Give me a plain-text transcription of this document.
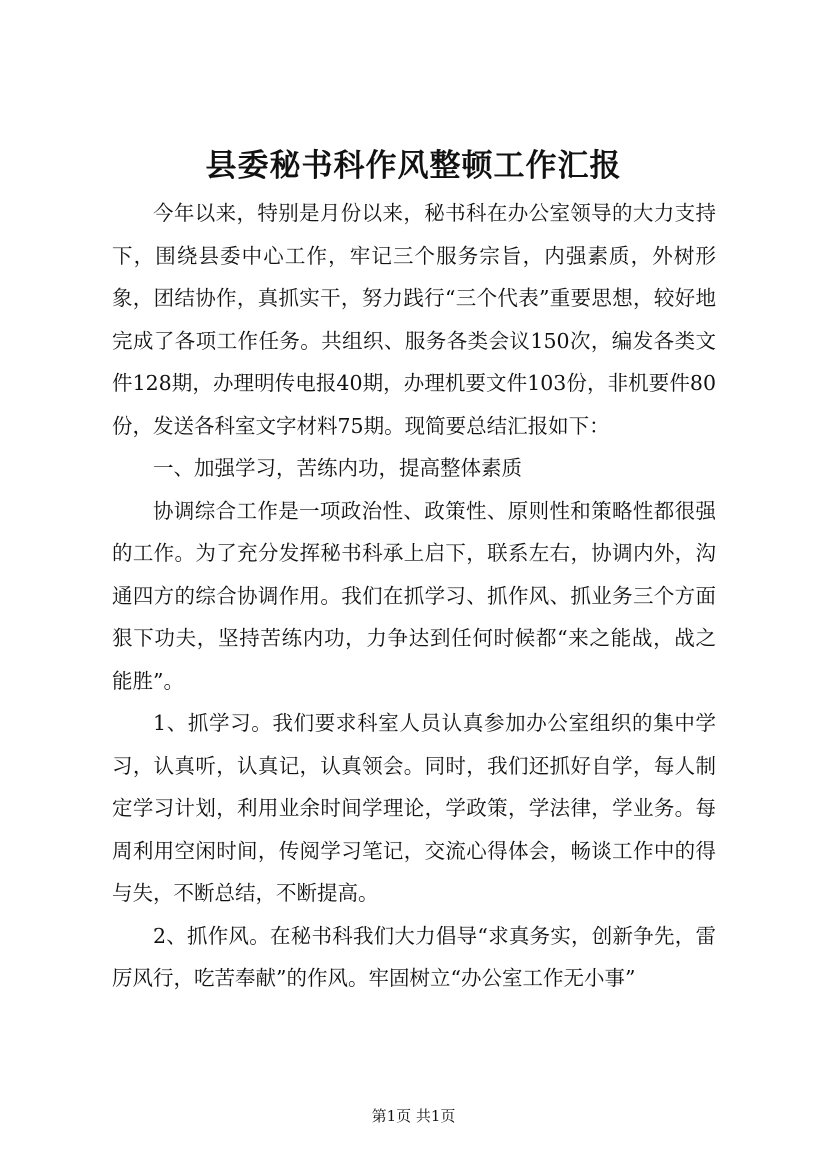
县委秘书科作风整顿工作汇报

今年以来，特别是月份以来，秘书科在办公室领导的大力支持下，围绕县委中心工作，牢记三个服务宗旨，内强素质，外树形象，团结协作，真抓实干，努力践行“三个代表”重要思想，较好地完成了各项工作任务。共组织、服务各类会议150次，编发各类文件128期，办理明传电报40期，办理机要文件103份，非机要件80份，发送各科室文字材料75期。现简要总结汇报如下：

一、加强学习，苦练内功，提高整体素质

协调综合工作是一项政治性、政策性、原则性和策略性都很强的工作。为了充分发挥秘书科承上启下，联系左右，协调内外，沟通四方的综合协调作用。我们在抓学习、抓作风、抓业务三个方面狠下功夫，坚持苦练内功，力争达到任何时候都“来之能战，战之能胜”。

1、抓学习。我们要求科室人员认真参加办公室组织的集中学习，认真听，认真记，认真领会。同时，我们还抓好自学，每人制定学习计划，利用业余时间学理论，学政策，学法律，学业务。每周利用空闲时间，传阅学习笔记，交流心得体会，畅谈工作中的得与失，不断总结，不断提高。

2、抓作风。在秘书科我们大力倡导“求真务实，创新争先，雷厉风行，吃苦奉献”的作风。牢固树立“办公室工作无小事”

第1页 共1页
